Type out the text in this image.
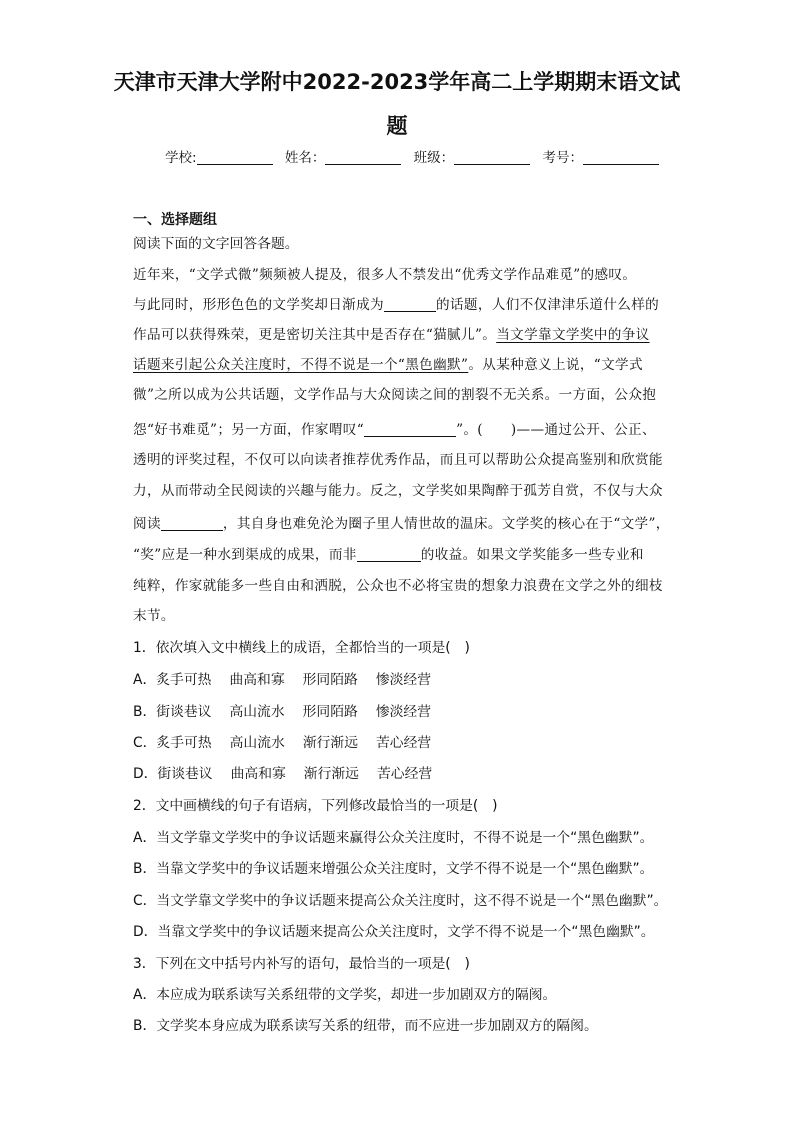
天津市天津大学附中2022-2023学年高二上学期期末语文试
题
学校:	姓名：	班级：	考号：
一、选择题组
阅读下面的文字回答各题。
近年来，“文学式微”频频被人提及，很多人不禁发出“优秀文学作品难觅”的感叹。
与此同时，形形色色的文学奖却日渐成为	的话题，人们不仅津津乐道什么样的
作品可以获得殊荣，更是密切关注其中是否存在“猫腻儿”。当文学靠文学奖中的争议
话题来引起公众关注度时，不得不说是一个“黑色幽默”。从某种意义上说，“文学式
微”之所以成为公共话题，文学作品与大众阅读之间的割裂不无关系。一方面，公众抱
怨“好书难觅”；另一方面，作家喟叹“	”。(　　)——通过公开、公正、
透明的评奖过程，不仅可以向读者推荐优秀作品，而且可以帮助公众提高鉴别和欣赏能
力，从而带动全民阅读的兴趣与能力。反之，文学奖如果陶醉于孤芳自赏，不仅与大众
阅读	，其自身也难免沦为圈子里人情世故的温床。文学奖的核心在于“文学”，
“奖”应是一种水到渠成的成果，而非	的收益。如果文学奖能多一些专业和
纯粹，作家就能多一些自由和洒脱，公众也不必将宝贵的想象力浪费在文学之外的细枝
末节。
1．依次填入文中横线上的成语，全都恰当的一项是(　)
A．炙手可热 曲高和寡 形同陌路 惨淡经营
B．街谈巷议 高山流水 形同陌路 惨淡经营
C．炙手可热 高山流水 渐行渐远 苦心经营
D．街谈巷议 曲高和寡 渐行渐远 苦心经营
2．文中画横线的句子有语病，下列修改最恰当的一项是(　)
A．当文学靠文学奖中的争议话题来赢得公众关注度时，不得不说是一个“黑色幽默”。
B．当靠文学奖中的争议话题来增强公众关注度时，文学不得不说是一个“黑色幽默”。
C．当文学靠文学奖中的争议话题来提高公众关注度时，这不得不说是一个“黑色幽默”。
D．当靠文学奖中的争议话题来提高公众关注度时，文学不得不说是一个“黑色幽默”。
3．下列在文中括号内补写的语句，最恰当的一项是(　)
A．本应成为联系读写关系纽带的文学奖，却进一步加剧双方的隔阂。
B．文学奖本身应成为联系读写关系的纽带，而不应进一步加剧双方的隔阂。
